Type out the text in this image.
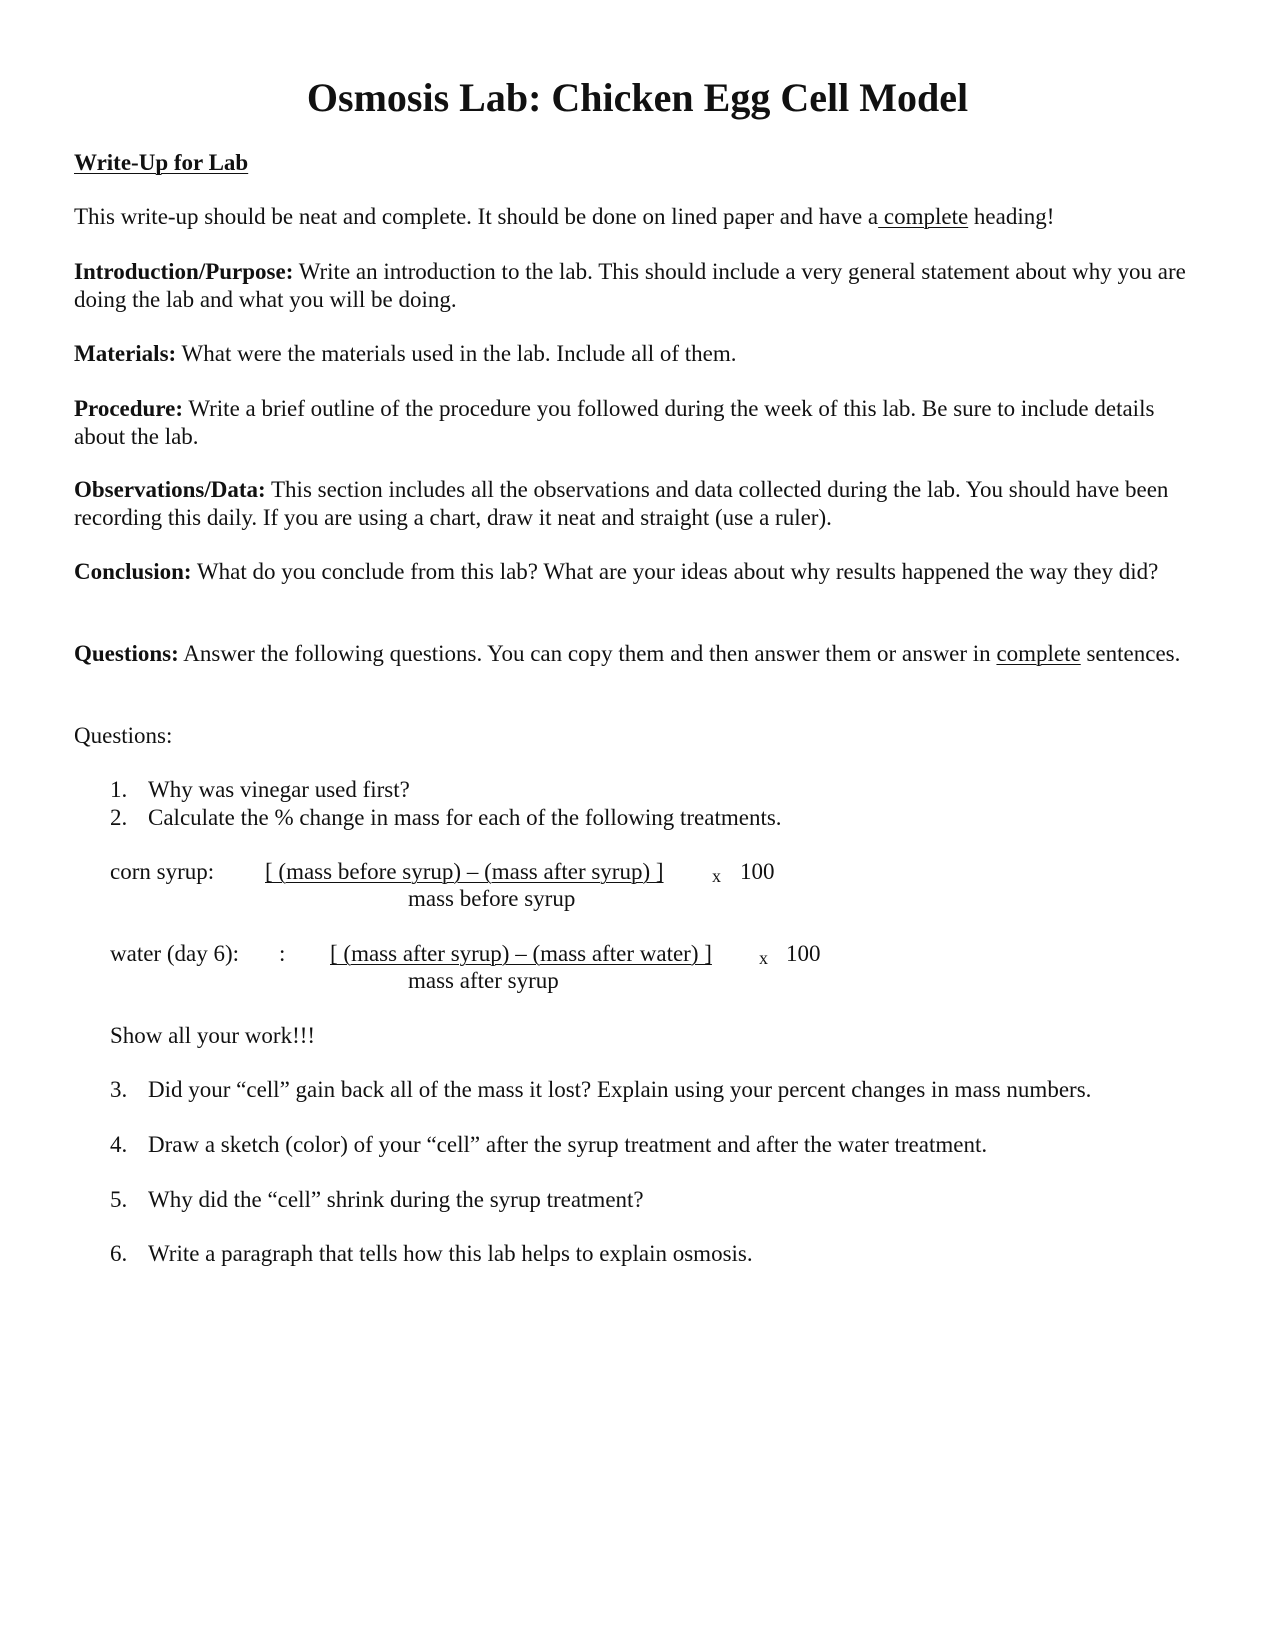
Osmosis Lab: Chicken Egg Cell Model
Write-Up for Lab
This write-up should be neat and complete. It should be done on lined paper and have a complete heading!
Introduction/Purpose: Write an introduction to the lab. This should include a very general statement about why you are doing the lab and what you will be doing.
Materials: What were the materials used in the lab. Include all of them.
Procedure: Write a brief outline of the procedure you followed during the week of this lab. Be sure to include details about the lab.
Observations/Data: This section includes all the observations and data collected during the lab. You should have been recording this daily. If you are using a chart, draw it neat and straight (use a ruler).
Conclusion: What do you conclude from this lab? What are your ideas about why results happened the way they did?
Questions: Answer the following questions. You can copy them and then answer them or answer in complete sentences.
Questions:
1. Why was vinegar used first?
2. Calculate the % change in mass for each of the following treatments.
corn syrup: [ (mass before syrup) – (mass after syrup) ]	x 100
mass before syrup
water (day 6): : [ (mass after syrup) – (mass after water) ]	x 100
mass after syrup
Show all your work!!!
3. Did your “cell” gain back all of the mass it lost? Explain using your percent changes in mass numbers.
4. Draw a sketch (color) of your “cell” after the syrup treatment and after the water treatment.
5. Why did the “cell” shrink during the syrup treatment?
6. Write a paragraph that tells how this lab helps to explain osmosis.
